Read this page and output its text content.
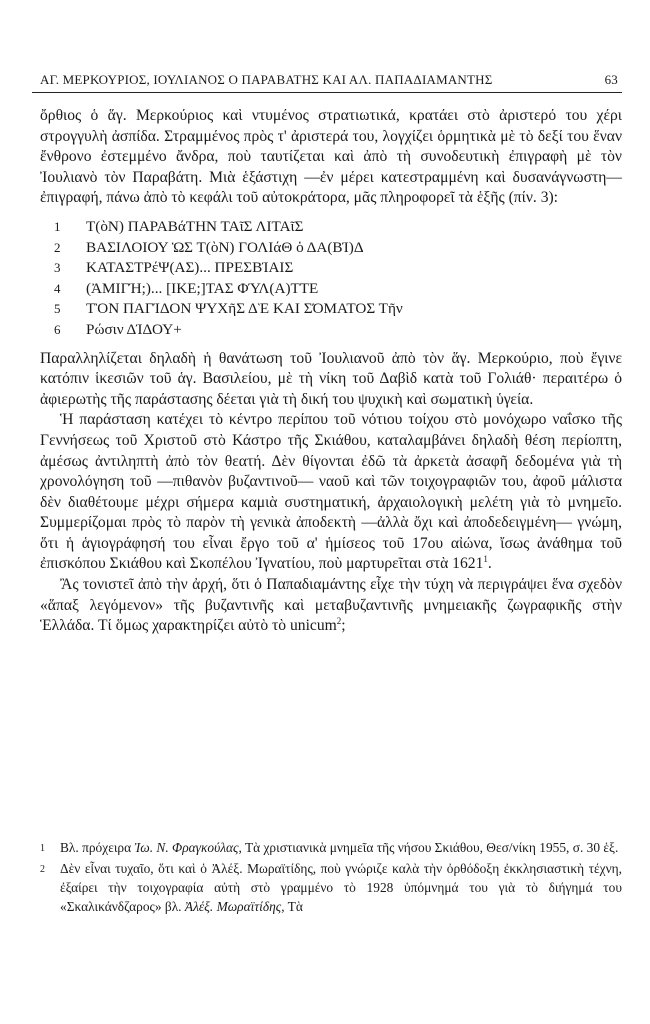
ΑΓ. ΜΕΡΚΟΥΡΙΟΣ, ΙΟΥΛΙΑΝΟΣ Ο ΠΑΡΑΒΑΤΗΣ ΚΑΙ ΑΛ. ΠΑΠΑΔΙΑΜΑΝΤΗΣ	63

ὄρθιος ὁ ἅγ. Μερκούριος καὶ ντυμένος στρατιωτικά, κρατάει στὸ ἀριστερό του χέρι στρογγυλὴ ἀσπίδα. Στραμμένος πρὸς τ' ἀριστερά του, λογχίζει ὁρμητικὰ μὲ τὸ δεξί του ἕναν ἔνθρονο ἐστεμμένο ἄνδρα, ποὺ ταυτίζεται καὶ ἀπὸ τὴ συνοδευτικὴ ἐπιγραφὴ μὲ τὸν Ἰουλιανὸ τὸν Παραβάτη. Μιὰ ἑξάστιχη —ἐν μέρει κατεστραμμένη καὶ δυσανάγνωστη— ἐπιγραφή, πάνω ἀπὸ τὸ κεφάλι τοῦ αὐτοκράτορα, μᾶς πληροφορεῖ τὰ ἑξῆς (πίν. 3):

1	Τ(ὸΝ) ΠΑΡΑΒάΤΗΝ ΤΑῖΣ ΛΙΤΑῖΣ
2	ΒΑΣΙΛΟΙΟΥ ὩΣ Τ(ὸΝ) ΓΟΛΙάΘ ὁ ΔΑ(ΒΊ)Δ
3	ΚΑΤΑΣΤΡέΨ(ΑΣ)... ΠΡΕΣΒΊΑΙΣ
4	(ἈΜΙΓΉ;)... [ΙΚΕ;]ΤΑΣ ΦΎΛ(Α)ΤΤΕ
5	ΤῸΝ ΠΑΓΊΔΟΝ ΨΥΧῆΣ ΔῈ ΚΑΙ ΣΌΜΑΤΟΣ Τῆν
6	Ρώσιν ΔΊΔΟΥ+

Παραλληλίζεται δηλαδὴ ἡ θανάτωση τοῦ Ἰουλιανοῦ ἀπὸ τὸν ἅγ. Μερκούριο, ποὺ ἔγινε κατόπιν ἱκεσιῶν τοῦ ἁγ. Βασιλείου, μὲ τὴ νίκη τοῦ Δαβὶδ κατὰ τοῦ Γολιάθ· περαιτέρω ὁ ἀφιερωτὴς τῆς παράστασης δέεται γιὰ τὴ δική του ψυχικὴ καὶ σωματικὴ ὑγεία.

Ἡ παράσταση κατέχει τὸ κέντρο περίπου τοῦ νότιου τοίχου στὸ μονόχωρο ναΐσκο τῆς Γεννήσεως τοῦ Χριστοῦ στὸ Κάστρο τῆς Σκιάθου, καταλαμβάνει δηλαδὴ θέση περίοπτη, ἀμέσως ἀντιληπτὴ ἀπὸ τὸν θεατή. Δὲν θίγονται ἐδῶ τὰ ἀρκετὰ ἀσαφῆ δεδομένα γιὰ τὴ χρονολόγηση τοῦ —πιθανὸν βυζαντινοῦ— ναοῦ καὶ τῶν τοιχογραφιῶν του, ἀφοῦ μάλιστα δὲν διαθέτουμε μέχρι σήμερα καμιὰ συστηματική, ἀρχαιολογικὴ μελέτη γιὰ τὸ μνημεῖο. Συμμερίζομαι πρὸς τὸ παρὸν τὴ γενικὰ ἀποδεκτὴ —ἀλλὰ ὄχι καὶ ἀποδεδειγμένη— γνώμη, ὅτι ἡ ἁγιογράφησή του εἶναι ἔργο τοῦ α' ἡμίσεος τοῦ 17ου αἰώνα, ἴσως ἀνάθημα τοῦ ἐπισκόπου Σκιάθου καὶ Σκοπέλου Ἰγνατίου, ποὺ μαρτυρεῖται στὰ 1621$^1$.

Ἂς τονιστεῖ ἀπὸ τὴν ἀρχή, ὅτι ὁ Παπαδιαμάντης εἶχε τὴν τύχη νὰ περιγράψει ἕνα σχεδὸν «ἅπαξ λεγόμενον» τῆς βυζαντινῆς καὶ μεταβυζαντινῆς μνημειακῆς ζωγραφικῆς στὴν Ἑλλάδα. Τί ὅμως χαρακτηρίζει αὐτὸ τὸ unicum$^2$;

1	Βλ. πρόχειρα Ἰω. Ν. Φραγκούλας, Τὰ χριστιανικὰ μνημεῖα τῆς νήσου Σκιάθου, Θεσ/νίκη 1955, σ. 30 ἑξ.
2	Δὲν εἶναι τυχαῖο, ὅτι καὶ ὁ Ἀλέξ. Μωραϊτίδης, ποὺ γνώριζε καλὰ τὴν ὀρθόδοξη ἐκκλησιαστικὴ τέχνη, ἐξαίρει τὴν τοιχογραφία αὐτὴ στὸ γραμμένο τὸ 1928 ὑπόμνημά του γιὰ τὸ διήγημά του «Σκαλικάνδζαρος» βλ. Ἀλέξ. Μωραϊτίδης, Τὰ
